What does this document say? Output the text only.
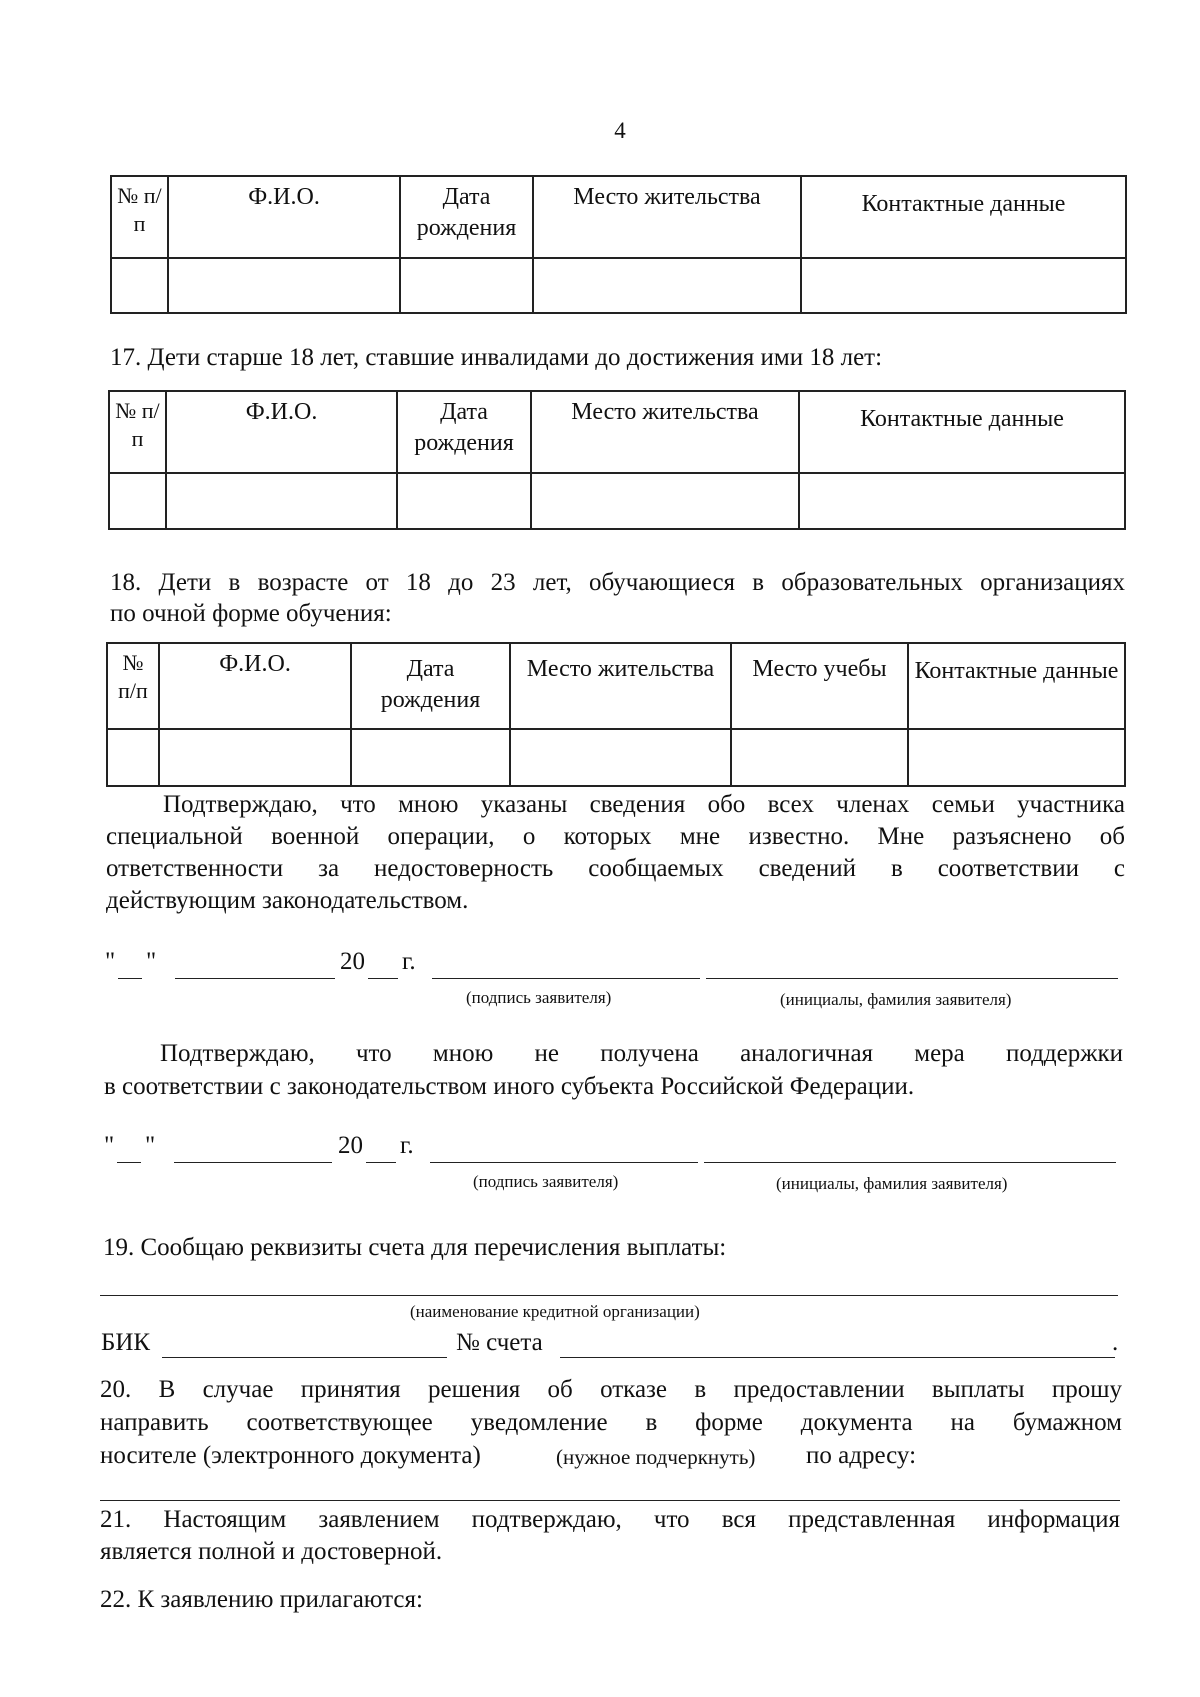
4
№ п/п	Ф.И.О.	Дата рождения	Место жительства	Контактные данные

17. Дети старше 18 лет, ставшие инвалидами до достижения ими 18 лет:
№ п/п	Ф.И.О.	Дата рождения	Место жительства	Контактные данные

18. Дети в возрасте от 18 до 23 лет, обучающиеся в образовательных организациях
по очной форме обучения:
№ п/п	Ф.И.О.	Дата рождения	Место жительства	Место учебы	Контактные данные

Подтверждаю, что мною указаны сведения обо всех членах семьи участника
специальной военной операции, о которых мне известно. Мне разъяснено об
ответственности за недостоверность сообщаемых сведений в соответствии с
действующим законодательством.
" "	20 г.
(подпись заявителя)	(инициалы, фамилия заявителя)
Подтверждаю, что мною не получена аналогичная мера поддержки
в соответствии с законодательством иного субъекта Российской Федерации.
" "	20 г.
(подпись заявителя)	(инициалы, фамилия заявителя)
19. Сообщаю реквизиты счета для перечисления выплаты:
(наименование кредитной организации)
БИК	№ счета	.
20. В случае принятия решения об отказе в предоставлении выплаты прошу
направить соответствующее уведомление в форме документа на бумажном
носителе (электронного документа)	(нужное подчеркнуть) по адресу:
21. Настоящим заявлением подтверждаю, что вся представленная информация
является полной и достоверной.
22. К заявлению прилагаются:
